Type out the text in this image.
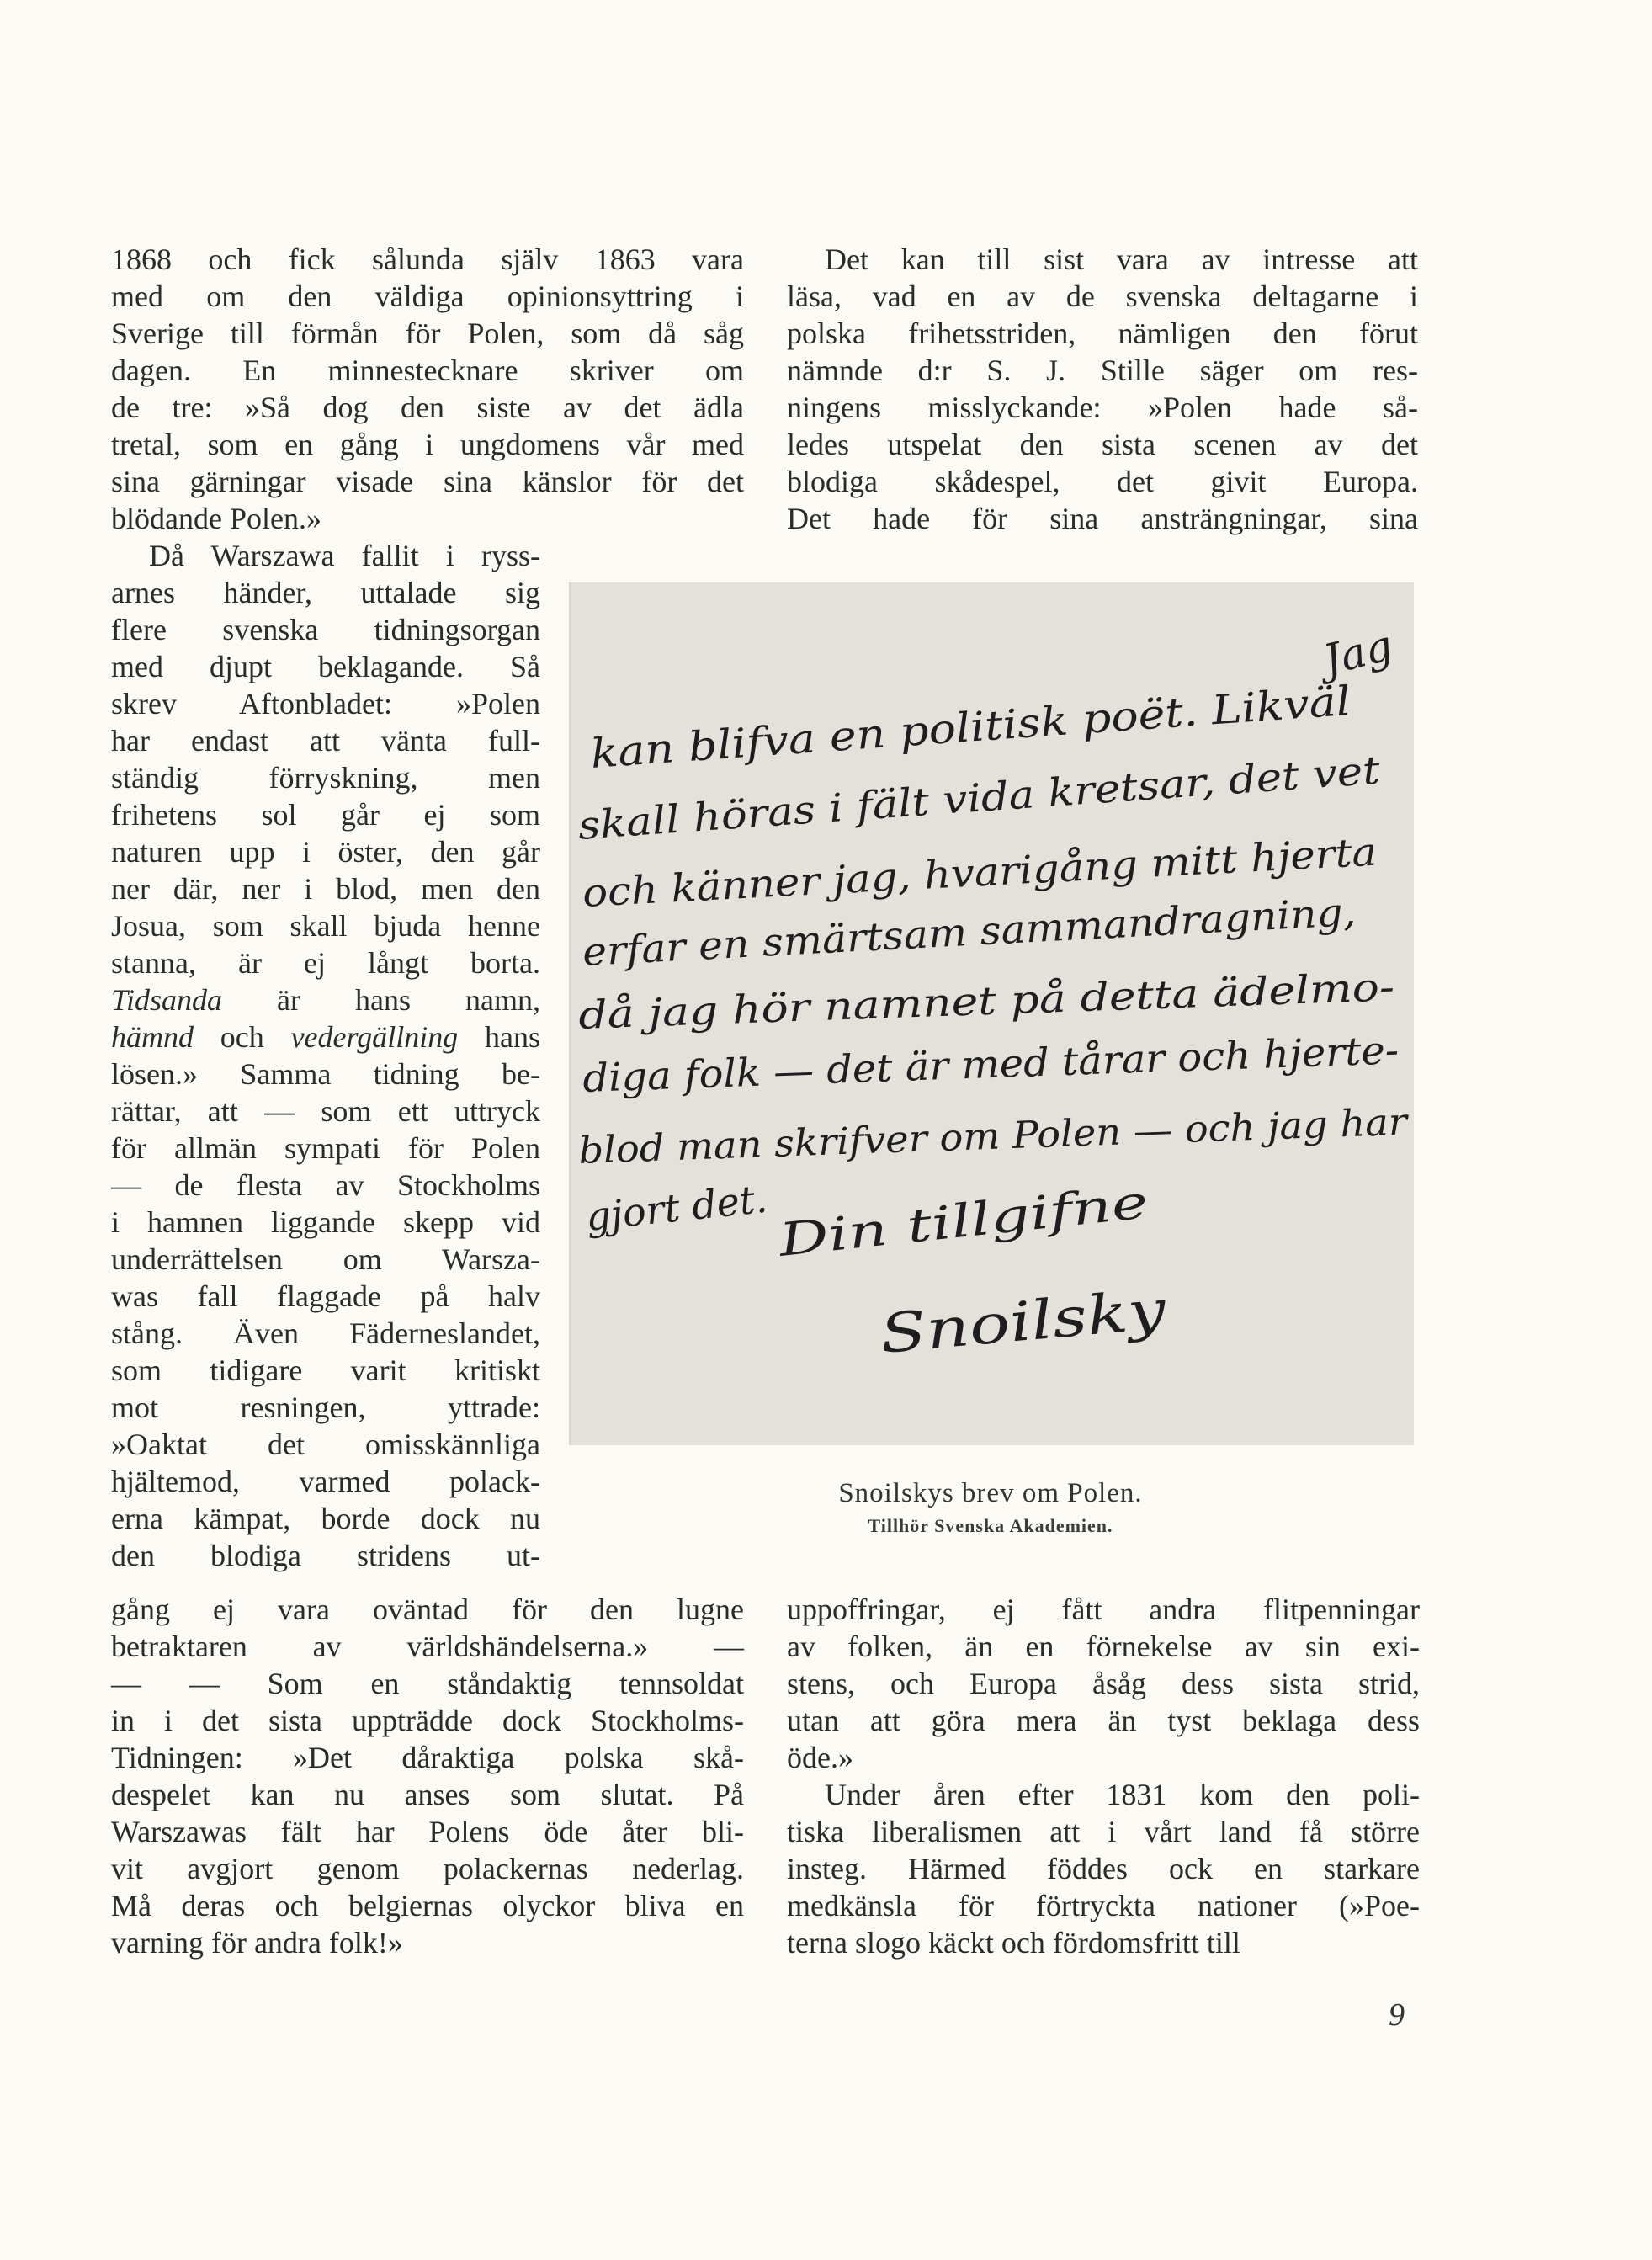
1868 och fick sålunda själv 1863 vara
med om den väldiga opinionsyttring i
Sverige till förmån för Polen, som då såg
dagen. En minnestecknare skriver om
de tre: »Så dog den siste av det ädla
tretal, som en gång i ungdomens vår med
sina gärningar visade sina känslor för det
blödande Polen.»
Då Warszawa fallit i ryss-
arnes händer, uttalade sig
flere svenska tidningsorgan
med djupt beklagande. Så
skrev Aftonbladet: »Polen
har endast att vänta full-
ständig förryskning, men
frihetens sol går ej som
naturen upp i öster, den går
ner där, ner i blod, men den
Josua, som skall bjuda henne
stanna, är ej långt borta.
Tidsanda är hans namn,
hämnd och vedergällning hans
lösen.» Samma tidning be-
rättar, att — som ett uttryck
för allmän sympati för Polen
— de flesta av Stockholms
i hamnen liggande skepp vid
underrättelsen om Warsza-
was fall flaggade på halv
stång. Även Fäderneslandet,
som tidigare varit kritiskt
mot resningen, yttrade:
»Oaktat det omisskännliga
hjältemod, varmed polack-
erna kämpat, borde dock nu
den blodiga stridens ut-
gång ej vara oväntad för den lugne
betraktaren av världshändelserna.» —
— — Som en ståndaktig tennsoldat
in i det sista uppträdde dock Stockholms-
Tidningen: »Det dåraktiga polska skå-
despelet kan nu anses som slutat. På
Warszawas fält har Polens öde åter bli-
vit avgjort genom polackernas nederlag.
Må deras och belgiernas olyckor bliva en
varning för andra folk!»
Det kan till sist vara av intresse att
läsa, vad en av de svenska deltagarne i
polska frihetsstriden, nämligen den förut
nämnde d:r S. J. Stille säger om res-
ningens misslyckande: »Polen hade så-
ledes utspelat den sista scenen av det
blodiga skådespel, det givit Europa.
Det hade för sina ansträngningar, sina
uppoffringar, ej fått andra flitpenningar
av folken, än en förnekelse av sin exi-
stens, och Europa åsåg dess sista strid,
utan att göra mera än tyst beklaga dess
öde.»
Under åren efter 1831 kom den poli-
tiska liberalismen att i vårt land få större
insteg. Härmed föddes ock en starkare
medkänsla för förtryckta nationer (»Poe-
terna slogo käckt och fördomsfritt till
Jag
kan blifva en politisk poët. Likväl
skall höras i fält vida kretsar, det vet
och känner jag, hvarigång mitt hjerta
erfar en smärtsam sammandragning,
då jag hör namnet på detta ädelmo-
diga folk — det är med tårar och hjerte-
blod man skrifver om Polen — och jag har
gjort det. Din tillgifne
Snoilsky
Snoilskys brev om Polen.
Tillhör Svenska Akademien.
9
